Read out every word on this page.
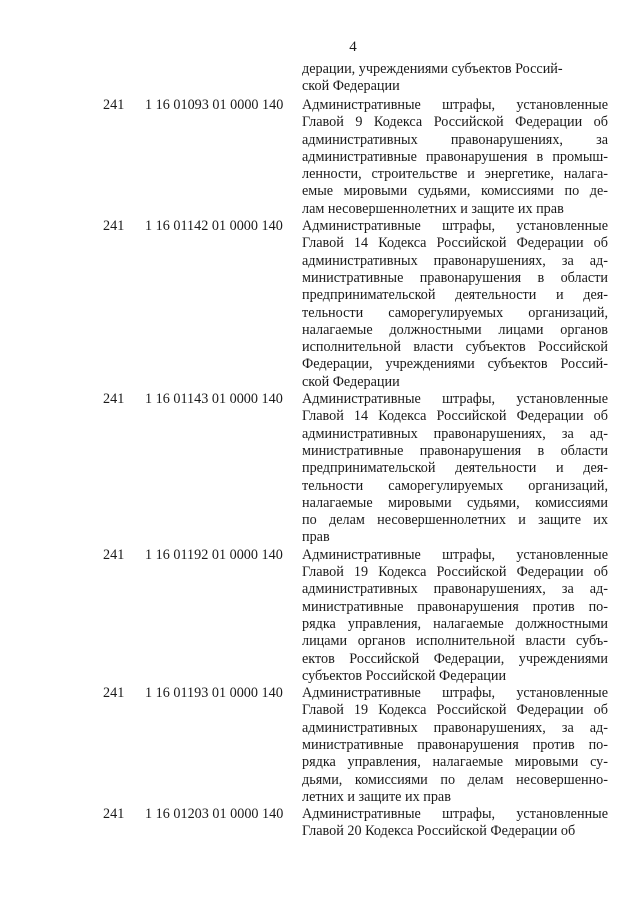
4
дерации, учреждениями субъектов Россий-
ской Федерации
241	1 16 01093 01 0000 140	Административные штрафы, установленные
Главой 9 Кодекса Российской Федерации об
административных правонарушениях, за
административные правонарушения в промыш-
ленности, строительстве и энергетике, налага-
емые мировыми судьями, комиссиями по де-
лам несовершеннолетних и защите их прав
241	1 16 01142 01 0000 140	Административные штрафы, установленные
Главой 14 Кодекса Российской Федерации об
административных правонарушениях, за ад-
министративные правонарушения в области
предпринимательской деятельности и дея-
тельности саморегулируемых организаций,
налагаемые должностными лицами органов
исполнительной власти субъектов Российской
Федерации, учреждениями субъектов Россий-
ской Федерации
241	1 16 01143 01 0000 140	Административные штрафы, установленные
Главой 14 Кодекса Российской Федерации об
административных правонарушениях, за ад-
министративные правонарушения в области
предпринимательской деятельности и дея-
тельности саморегулируемых организаций,
налагаемые мировыми судьями, комиссиями
по делам несовершеннолетних и защите их
прав
241	1 16 01192 01 0000 140	Административные штрафы, установленные
Главой 19 Кодекса Российской Федерации об
административных правонарушениях, за ад-
министративные правонарушения против по-
рядка управления, налагаемые должностными
лицами органов исполнительной власти субъ-
ектов Российской Федерации, учреждениями
субъектов Российской Федерации
241	1 16 01193 01 0000 140	Административные штрафы, установленные
Главой 19 Кодекса Российской Федерации об
административных правонарушениях, за ад-
министративные правонарушения против по-
рядка управления, налагаемые мировыми су-
дьями, комиссиями по делам несовершенно-
летних и защите их прав
241	1 16 01203 01 0000 140	Административные штрафы, установленные
Главой 20 Кодекса Российской Федерации об
